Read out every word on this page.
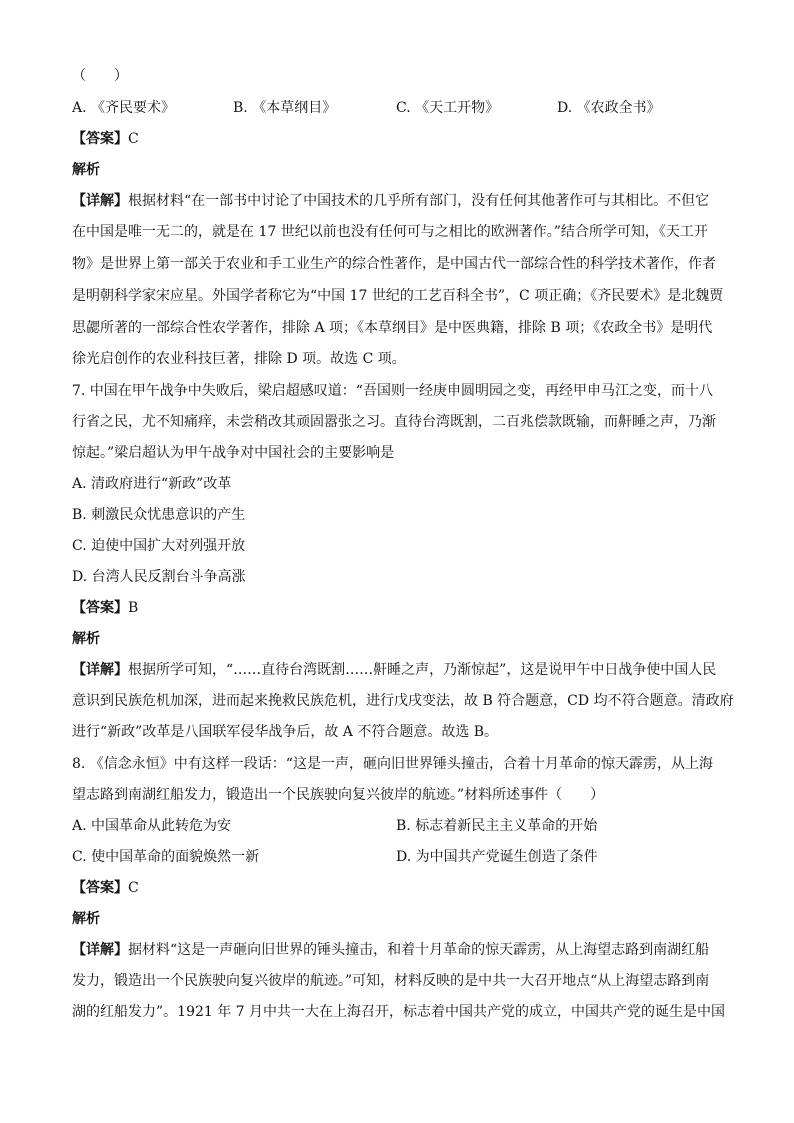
（　　）
A. 《齐民要术》	B. 《本草纲目》	C. 《天工开物》	D. 《农政全书》
【答案】C
解析
【详解】根据材料“在一部书中讨论了中国技术的几乎所有部门，没有任何其他著作可与其相比。不但它
在中国是唯一无二的，就是在 17 世纪以前也没有任何可与之相比的欧洲著作。”结合所学可知，《天工开
物》是世界上第一部关于农业和手工业生产的综合性著作，是中国古代一部综合性的科学技术著作，作者
是明朝科学家宋应星。外国学者称它为“中国 17 世纪的工艺百科全书”，C 项正确；《齐民要术》是北魏贾
思勰所著的一部综合性农学著作，排除 A 项；《本草纲目》是中医典籍，排除 B 项；《农政全书》是明代
徐光启创作的农业科技巨著，排除 D 项。故选 C 项。
7. 中国在甲午战争中失败后，梁启超感叹道：“吾国则一经庚申圆明园之变，再经甲申马江之变，而十八
行省之民，尤不知痛痒，未尝稍改其顽固嚣张之习。直待台湾既割，二百兆偿款既输，而鼾睡之声，乃渐
惊起。”梁启超认为甲午战争对中国社会的主要影响是
A. 清政府进行“新政”改革
B. 刺激民众忧患意识的产生
C. 迫使中国扩大对列强开放
D. 台湾人民反割台斗争高涨
【答案】B
解析
【详解】根据所学可知，“……直待台湾既割……鼾睡之声，乃渐惊起”，这是说甲午中日战争使中国人民
意识到民族危机加深，进而起来挽救民族危机，进行戊戌变法，故 B 符合题意，CD 均不符合题意。清政府
进行“新政”改革是八国联军侵华战争后，故 A 不符合题意。故选 B。
8. 《信念永恒》中有这样一段话：“这是一声，砸向旧世界锤头撞击，合着十月革命的惊天霹雳，从上海
望志路到南湖红船发力，锻造出一个民族驶向复兴彼岸的航迹。”材料所述事件（　　）
A. 中国革命从此转危为安	B. 标志着新民主主义革命的开始
C. 使中国革命的面貌焕然一新	D. 为中国共产党诞生创造了条件
【答案】C
解析
【详解】据材料“这是一声砸向旧世界的锤头撞击，和着十月革命的惊天霹雳，从上海望志路到南湖红船
发力，锻造出一个民族驶向复兴彼岸的航迹。”可知，材料反映的是中共一大召开地点“从上海望志路到南
湖的红船发力”。1921 年 7 月中共一大在上海召开，标志着中国共产党的成立，中国共产党的诞生是中国
